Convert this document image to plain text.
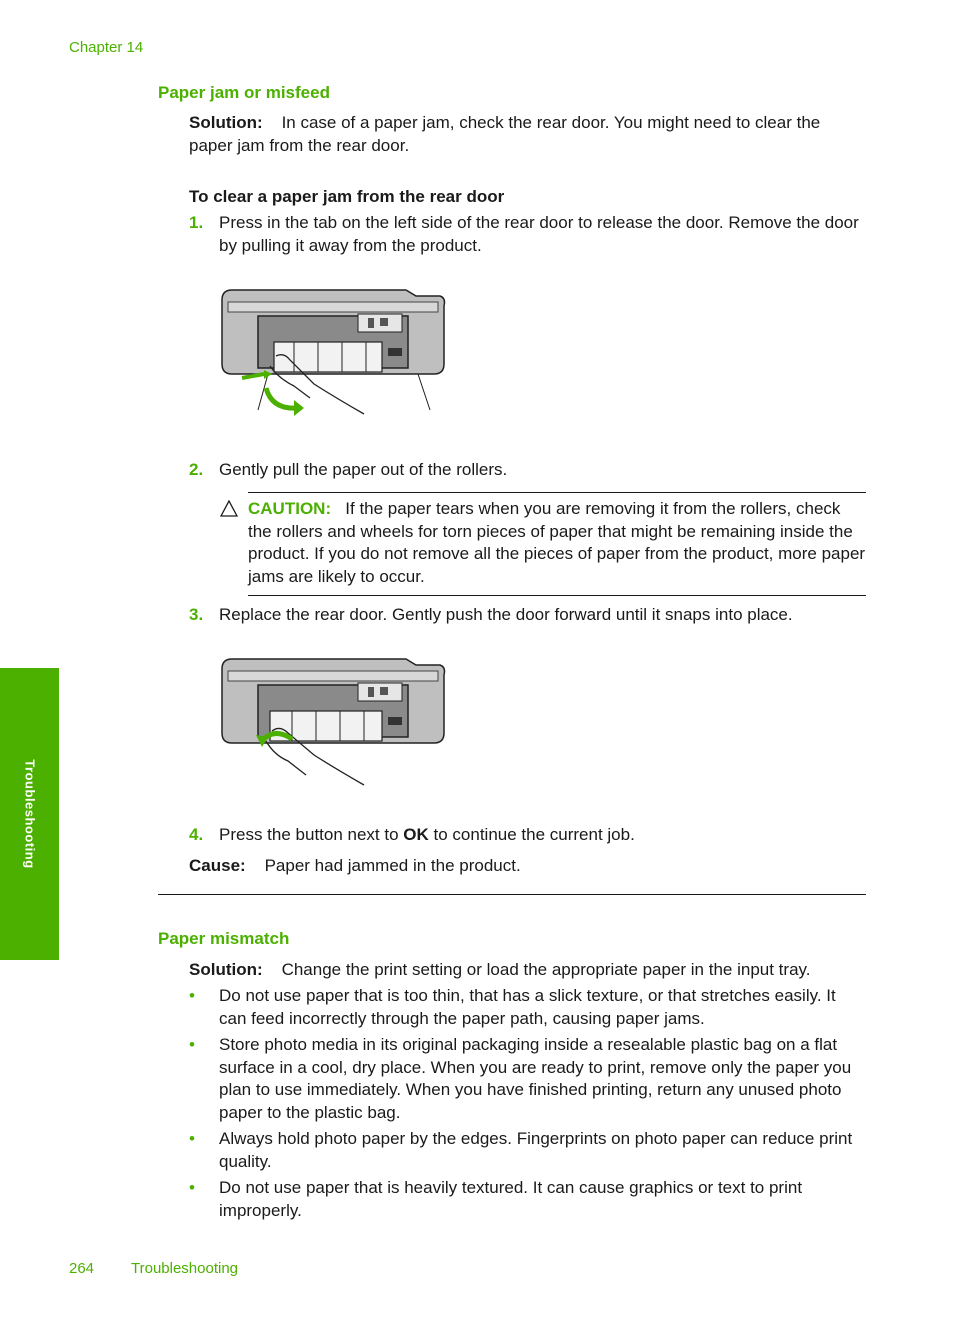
Chapter 14
Troubleshooting
Paper jam or misfeed
Solution: In case of a paper jam, check the rear door. You might need to clear the paper jam from the rear door.
To clear a paper jam from the rear door
1. Press in the tab on the left side of the rear door to release the door. Remove the door by pulling it away from the product.
2. Gently pull the paper out of the rollers.
CAUTION: If the paper tears when you are removing it from the rollers, check the rollers and wheels for torn pieces of paper that might be remaining inside the product. If you do not remove all the pieces of paper from the product, more paper jams are likely to occur.
3. Replace the rear door. Gently push the door forward until it snaps into place.
4. Press the button next to OK to continue the current job.
Cause: Paper had jammed in the product.
Paper mismatch
Solution: Change the print setting or load the appropriate paper in the input tray.
• Do not use paper that is too thin, that has a slick texture, or that stretches easily. It can feed incorrectly through the paper path, causing paper jams.
• Store photo media in its original packaging inside a resealable plastic bag on a flat surface in a cool, dry place. When you are ready to print, remove only the paper you plan to use immediately. When you have finished printing, return any unused photo paper to the plastic bag.
• Always hold photo paper by the edges. Fingerprints on photo paper can reduce print quality.
• Do not use paper that is heavily textured. It can cause graphics or text to print improperly.
264 Troubleshooting
